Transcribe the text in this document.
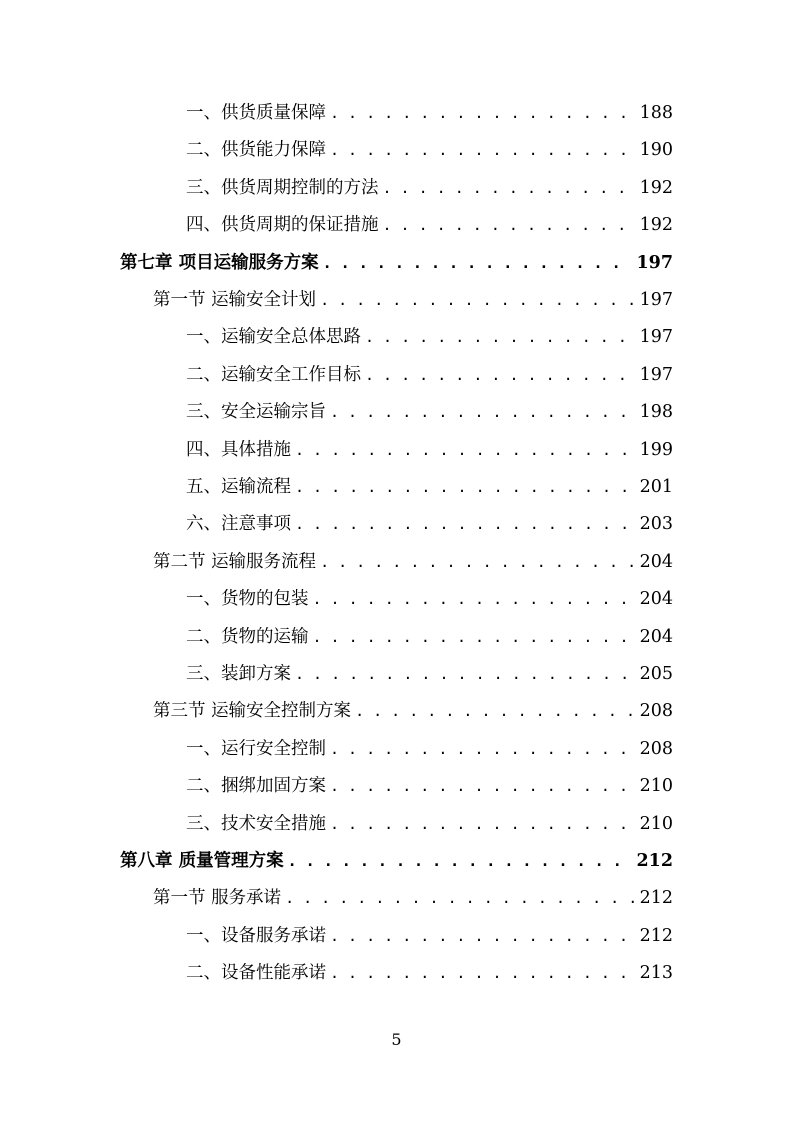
一、供货质量保障 . . .	188
二、供货能力保障 . . .	190
三、供货周期控制的方法 . . .	192
四、供货周期的保证措施 . . .	192
第七章 项目运输服务方案 . . .	197
第一节 运输安全计划 . . .	197
一、运输安全总体思路 . . .	197
二、运输安全工作目标 . . .	197
三、安全运输宗旨 . . .	198
四、具体措施 . . .	199
五、运输流程 . . .	201
六、注意事项 . . .	203
第二节 运输服务流程 . . .	204
一、货物的包装 . . .	204
二、货物的运输 . . .	204
三、装卸方案 . . .	205
第三节 运输安全控制方案 . . .	208
一、运行安全控制 . . .	208
二、捆绑加固方案 . . .	210
三、技术安全措施 . . .	210
第八章 质量管理方案 . . .	212
第一节 服务承诺 . . .	212
一、设备服务承诺 . . .	212
二、设备性能承诺 . . .	213
5
